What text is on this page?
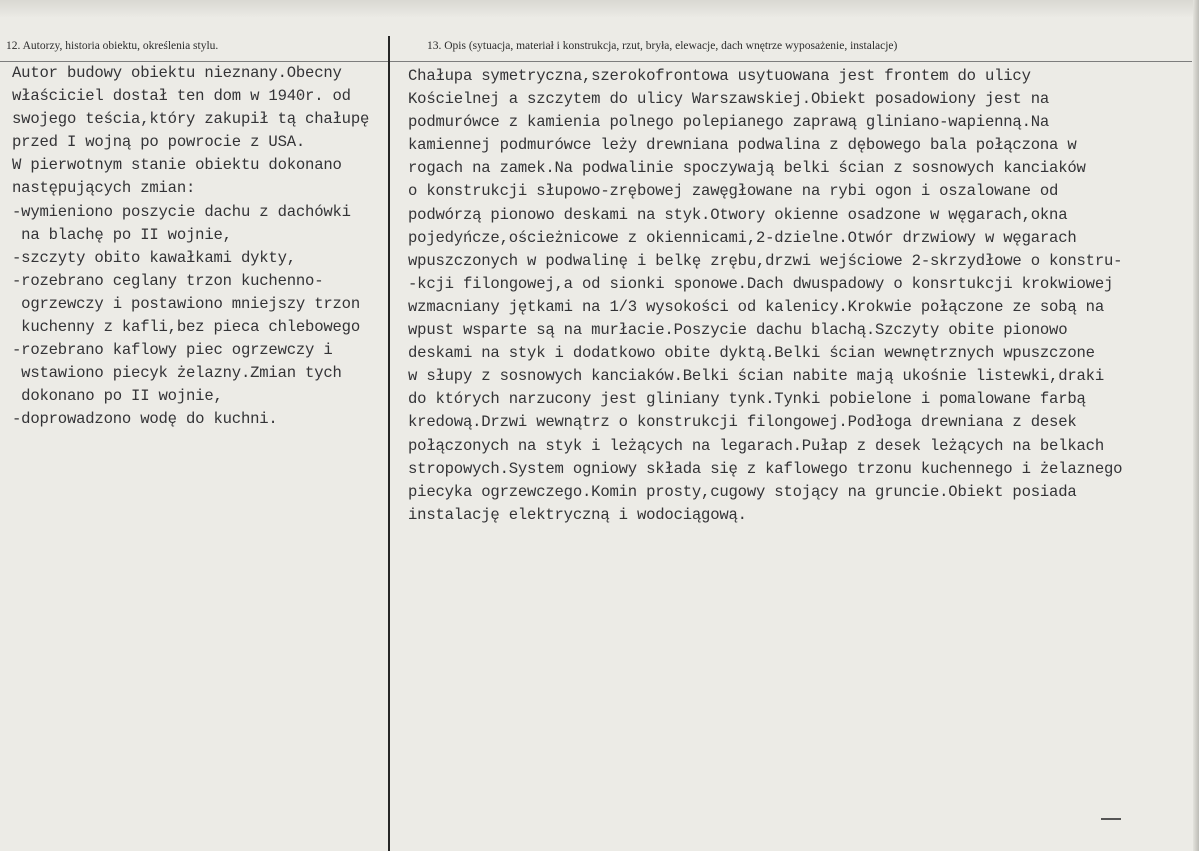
12. Autorzy, historia obiektu, określenia stylu.	13. Opis (sytuacja, materiał i konstrukcja, rzut, bryła, elewacje, dach wnętrze wyposażenie, instalacje)
Autor budowy obiektu nieznany.Obecny
właściciel dostał ten dom w 1940r. od
swojego teścia,który zakupił tą chałupę
przed I wojną po powrocie z USA.
W pierwotnym stanie obiektu dokonano
następujących zmian:
-wymieniono poszycie dachu z dachówki
na blachę po II wojnie,
-szczyty obito kawałkami dykty,
-rozebrano ceglany trzon kuchenno-
ogrzewczy i postawiono mniejszy trzon
kuchenny z kafli,bez pieca chlebowego
-rozebrano kaflowy piec ogrzewczy i
wstawiono piecyk żelazny.Zmian tych
dokonano po II wojnie,
-doprowadzono wodę do kuchni.
Chałupa symetryczna,szerokofrontowa usytuowana jest frontem do ulicy
Kościelnej a szczytem do ulicy Warszawskiej.Obiekt posadowiony jest na
podmurówce z kamienia polnego polepianego zaprawą gliniano-wapienną.Na
kamiennej podmurówce leży drewniana podwalina z dębowego bala połączona w
rogach na zamek.Na podwalinie spoczywają belki ścian z sosnowych kanciaków
o konstrukcji słupowo-zrębowej zawęgłowane na rybi ogon i oszalowane od
podwórzą pionowo deskami na styk.Otwory okienne osadzone w węgarach,okna
pojedyńcze,ościeżnicowe z okiennicami,2-dzielne.Otwór drzwiowy w węgarach
wpuszczonych w podwalinę i belkę zrębu,drzwi wejściowe 2-skrzydłowe o konstru-
-kcji filongowej,a od sionki sponowe.Dach dwuspadowy o konsrtukcji krokwiowej
wzmacniany jętkami na 1/3 wysokości od kalenicy.Krokwie połączone ze sobą na
wpust wsparte są na murłacie.Poszycie dachu blachą.Szczyty obite pionowo
deskami na styk i dodatkowo obite dyktą.Belki ścian wewnętrznych wpuszczone
w słupy z sosnowych kanciaków.Belki ścian nabite mają ukośnie listewki,draki
do których narzucony jest gliniany tynk.Tynki pobielone i pomalowane farbą
kredową.Drzwi wewnątrz o konstrukcji filongowej.Podłoga drewniana z desek
połączonych na styk i leżących na legarach.Pułap z desek leżących na belkach
stropowych.System ogniowy składa się z kaflowego trzonu kuchennego i żelaznego
piecyka ogrzewczego.Komin prosty,cugowy stojący na gruncie.Obiekt posiada
instalację elektryczną i wodociągową.
